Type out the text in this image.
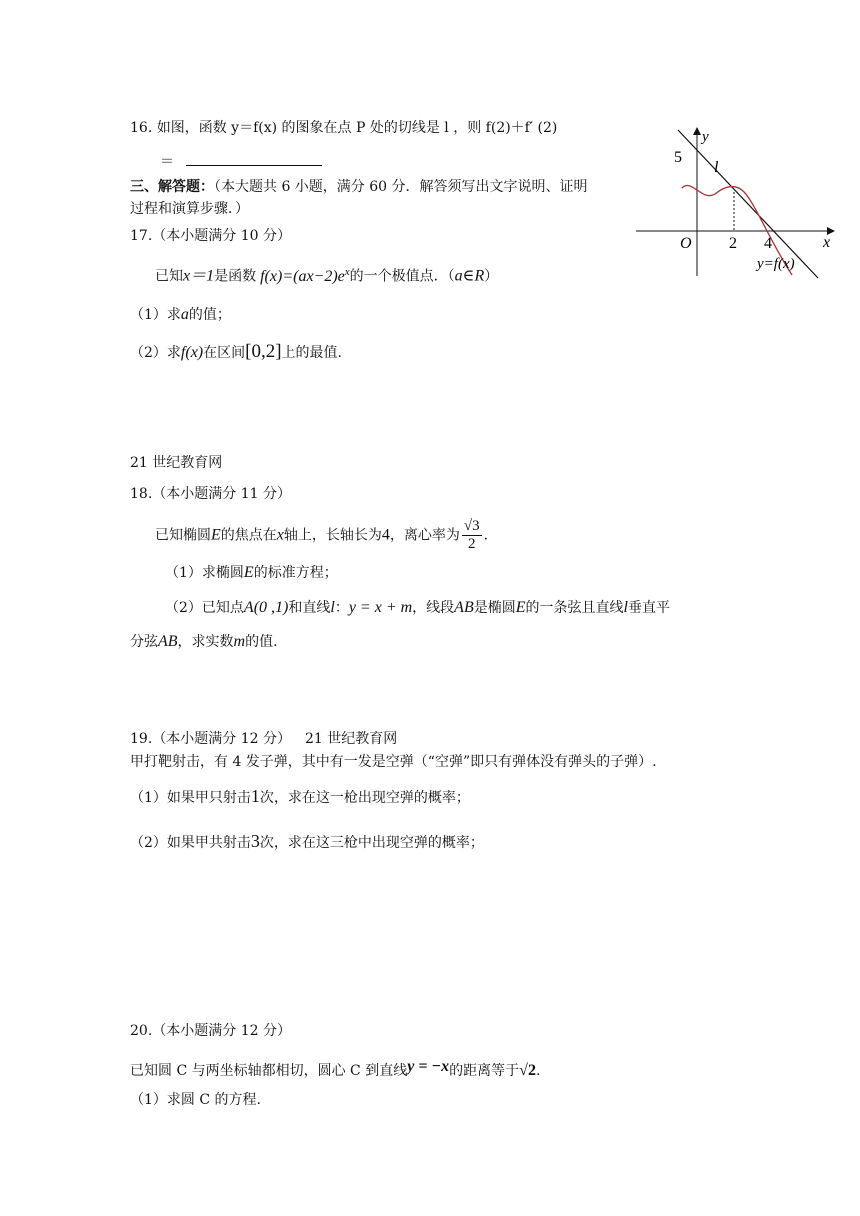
16. 如图，函数 y＝f(x) 的图象在点 P 处的切线是 l ，则 f(2)＋f′ (2)
＝
三、解答题：（本大题共 6 小题，满分 60 分．解答须写出文字说明、证明
过程和演算步骤．）
17.（本小题满分 10 分）
已知x＝1是函数 $f(x)=(ax-2)e^x$的一个极值点．（a∈R）
（1）求a的值；
（2）求f(x)在区间[0,2]上的最值.
21 世纪教育网
18.（本小题满分 11 分）
已知椭圆E的焦点在x轴上，长轴长为4，离心率为 $\frac{√3}{2}$ .
（1）求椭圆E的标准方程；
（2）已知点A(0 ,1)和直线l：y = x + m，线段AB是椭圆E的一条弦且直线l垂直平
分弦AB，求实数m的值.
19.（本小题满分 12 分） 21 世纪教育网
甲打靶射击，有 4 发子弹，其中有一发是空弹（“空弹”即只有弹体没有弹头的子弹）.
（1）如果甲只射击1次，求在这一枪出现空弹的概率；
（2）如果甲共射击3次，求在这三枪中出现空弹的概率；
20.（本小题满分 12 分）
已知圆 C 与两坐标轴都相切，圆心 C 到直线y = −x的距离等于√2.
（1）求圆 C 的方程.
y
x
O
5
l
2 4
y=f(x)
